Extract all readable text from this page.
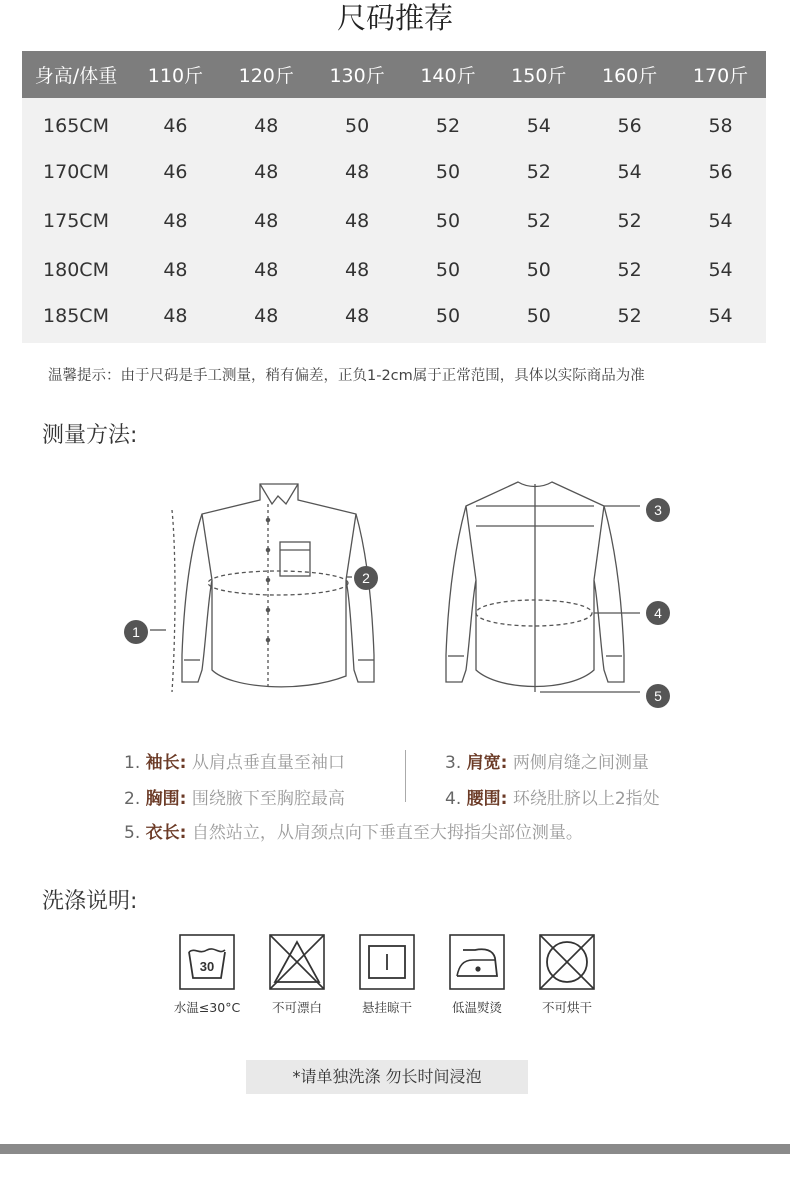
尺码推荐
身高/体重	110斤	120斤	130斤	140斤	150斤	160斤	170斤
165CM	46	48	50	52	54	56	58
170CM	46	48	48	50	52	54	56
175CM	48	48	48	50	52	52	54
180CM	48	48	48	50	50	52	54
185CM	48	48	48	50	50	52	54
温馨提示：由于尺码是手工测量，稍有偏差，正负1-2cm属于正常范围，具体以实际商品为准
测量方法:
1
2
3
4
5
1. 袖长: 从肩点垂直量至袖口
2. 胸围: 围绕腋下至胸腔最高
3. 肩宽: 两侧肩缝之间测量
4. 腰围: 环绕肚脐以上2指处
5. 衣长: 自然站立，从肩颈点向下垂直至大拇指尖部位测量。
洗涤说明:
30
水温≤30°C	不可漂白	悬挂晾干	低温熨烫	不可烘干
*请单独洗涤 勿长时间浸泡
